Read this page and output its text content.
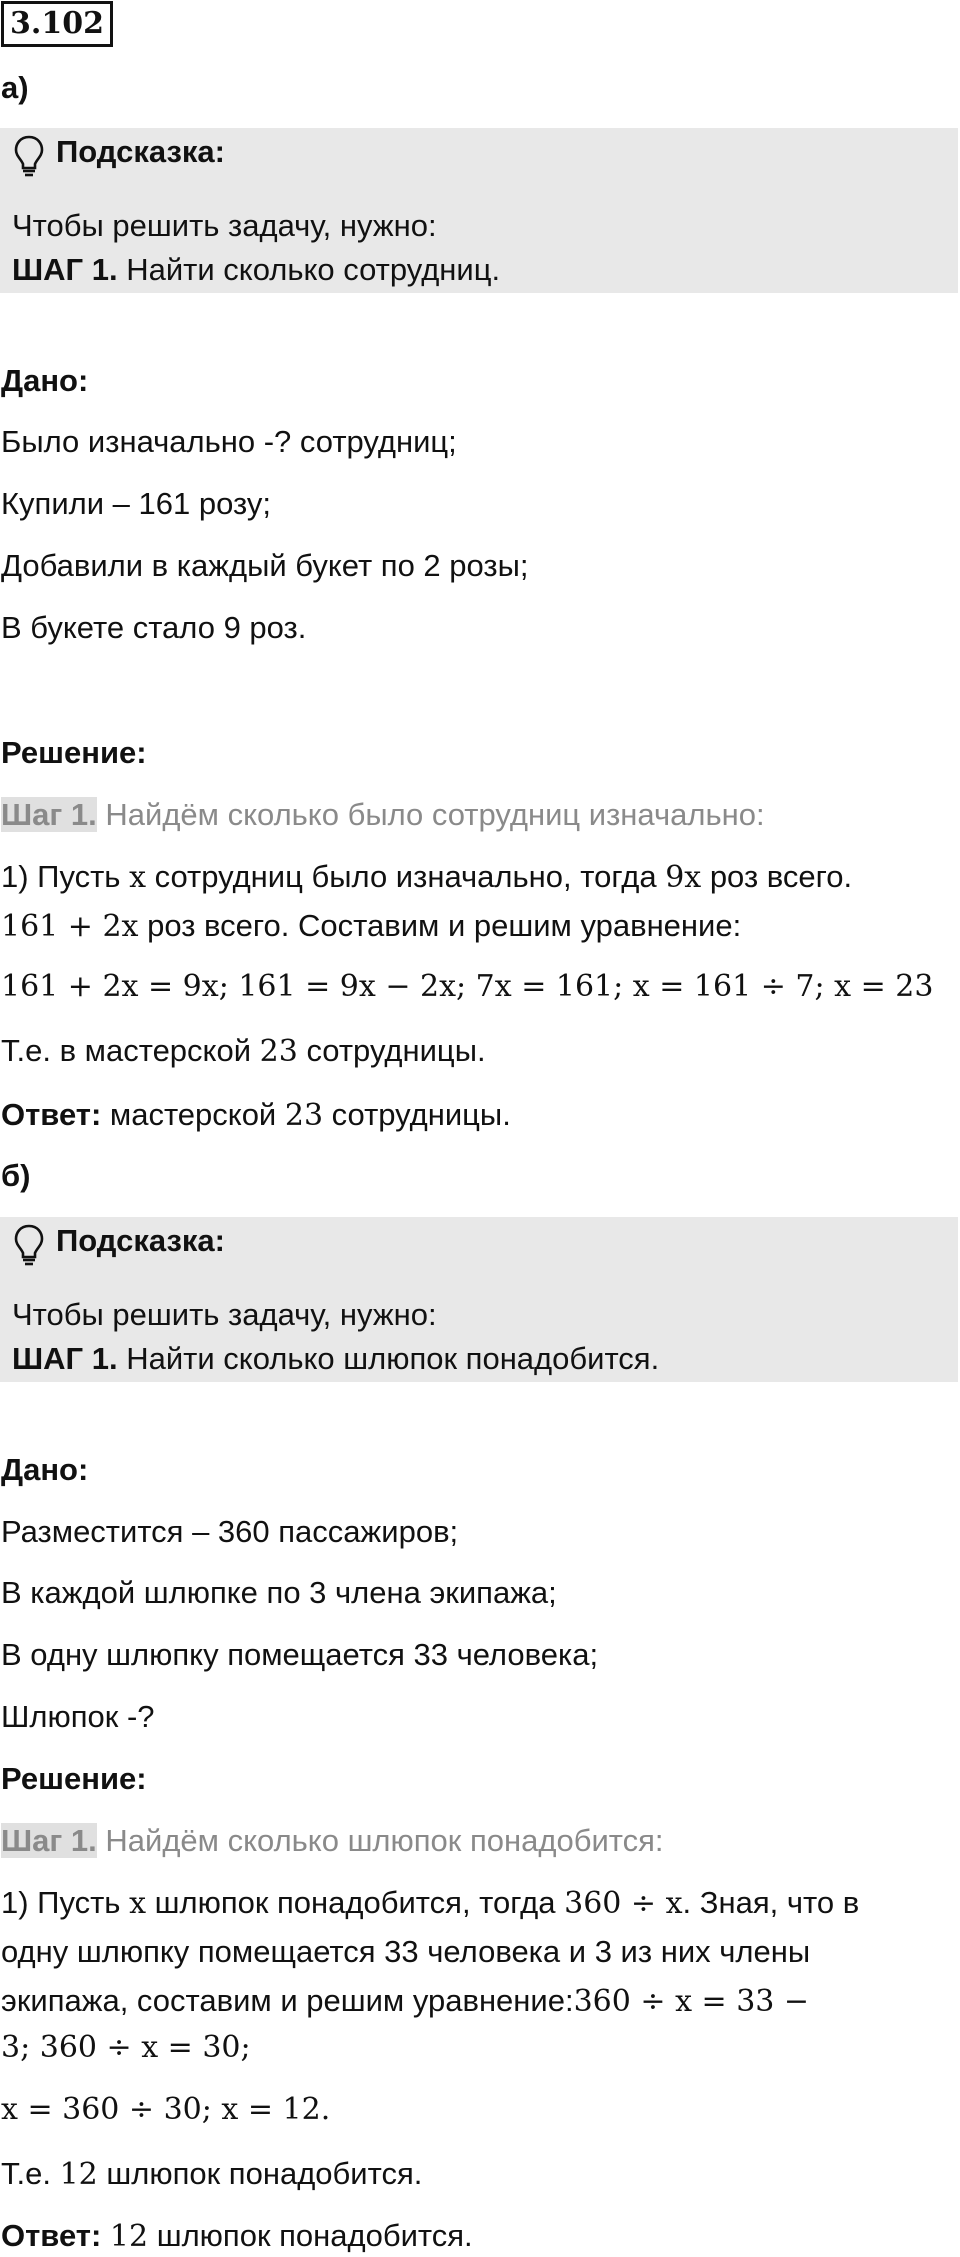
3.102
а)
Подсказка:
Чтобы решить задачу, нужно:
ШАГ 1. Найти сколько сотрудниц.
Дано:
Было изначально -? сотрудниц;
Купили – 161 розу;
Добавили в каждый букет по 2 розы;
В букете стало 9 роз.
Решение:
Шаг 1. Найдём сколько было сотрудниц изначально:
1) Пусть x сотрудниц было изначально, тогда 9x роз всего.
161 + 2x роз всего. Составим и решим уравнение:
161 + 2x = 9x; 161 = 9x − 2x; 7x = 161; x = 161 ÷ 7; x = 23
Т.е. в мастерской 23 сотрудницы.
Ответ: мастерской 23 сотрудницы.
б)
Подсказка:
Чтобы решить задачу, нужно:
ШАГ 1. Найти сколько шлюпок понадобится.
Дано:
Разместится – 360 пассажиров;
В каждой шлюпке по 3 члена экипажа;
В одну шлюпку помещается 33 человека;
Шлюпок -?
Решение:
Шаг 1. Найдём сколько шлюпок понадобится:
1) Пусть x шлюпок понадобится, тогда 360 ÷ x. Зная, что в
одну шлюпку помещается 33 человека и 3 из них члены
экипажа, составим и решим уравнение:360 ÷ x = 33 −
3; 360 ÷ x = 30;
x = 360 ÷ 30; x = 12.
Т.е. 12 шлюпок понадобится.
Ответ: 12 шлюпок понадобится.
